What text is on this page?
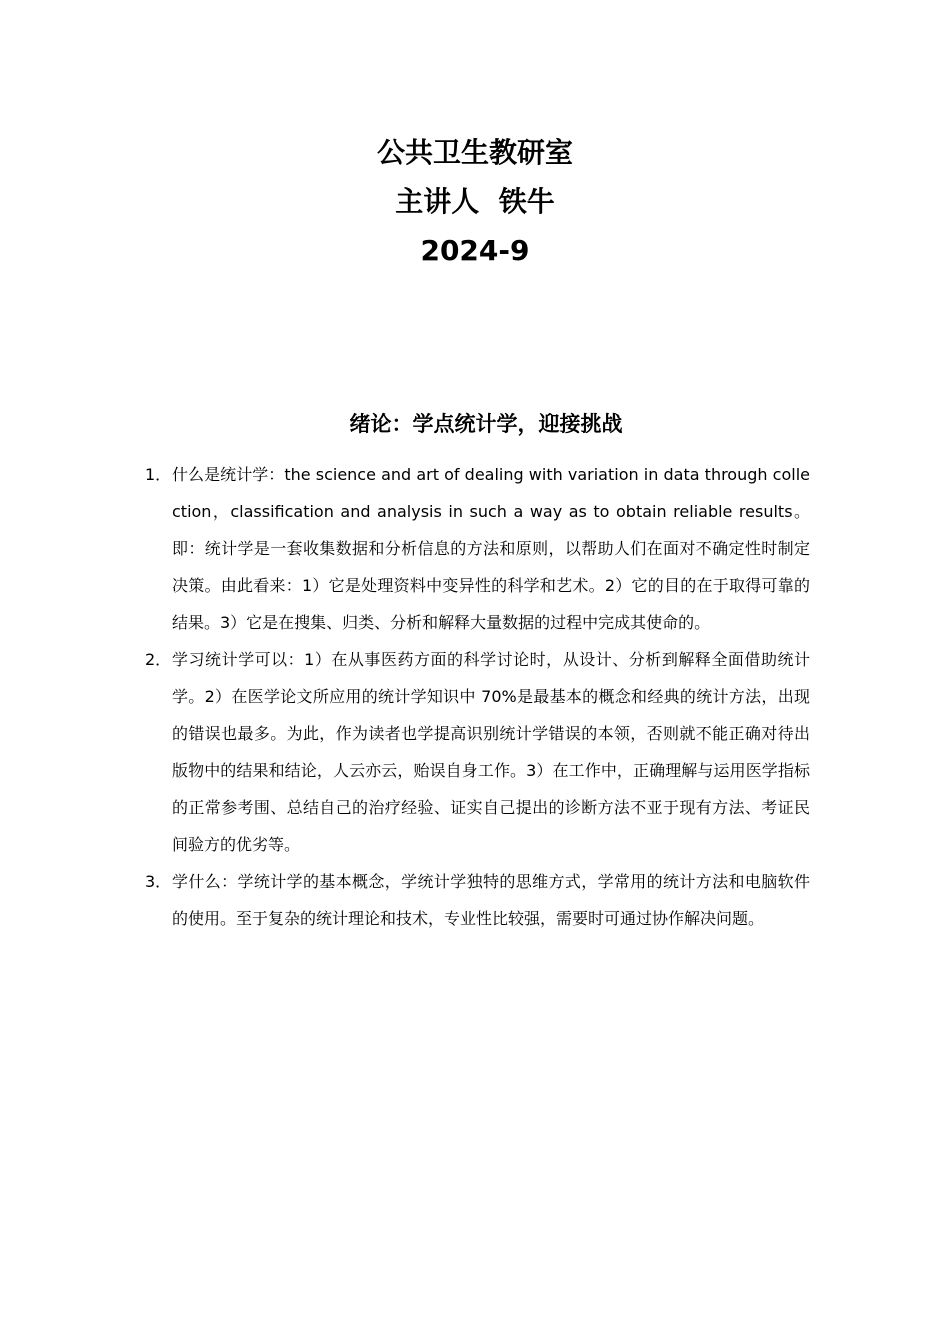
公共卫生教研室
主讲人  铁牛
2024-9
绪论：学点统计学，迎接挑战
1． 什么是统计学：the science and art of dealing with variation in data through collection，classification and analysis in such a way as to obtain reliable results。即：统计学是一套收集数据和分析信息的方法和原则，以帮助人们在面对不确定性时制定决策。由此看来：1）它是处理资料中变异性的科学和艺术。2）它的目的在于取得可靠的结果。3）它是在搜集、归类、分析和解释大量数据的过程中完成其使命的。
2． 学习统计学可以：1）在从事医药方面的科学讨论时，从设计、分析到解释全面借助统计学。2）在医学论文所应用的统计学知识中 70%是最基本的概念和经典的统计方法，出现的错误也最多。为此，作为读者也学提高识别统计学错误的本领，否则就不能正确对待出版物中的结果和结论，人云亦云，贻误自身工作。3）在工作中，正确理解与运用医学指标的正常参考围、总结自己的治疗经验、证实自己提出的诊断方法不亚于现有方法、考证民间验方的优劣等。
3． 学什么：学统计学的基本概念，学统计学独特的思维方式，学常用的统计方法和电脑软件的使用。至于复杂的统计理论和技术，专业性比较强，需要时可通过协作解决问题。
